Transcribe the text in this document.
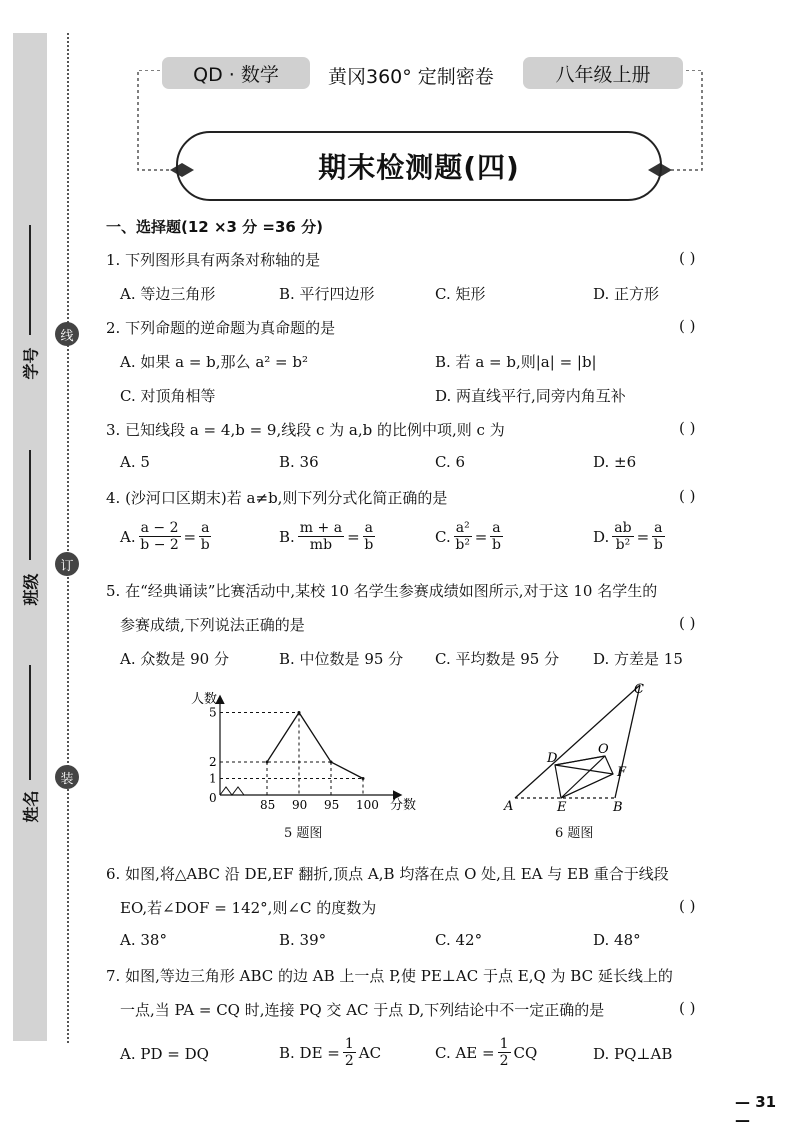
学号
班级
姓名
线
订
装
QD · 数学	黄冈360° 定制密卷	八年级上册
期末检测题(四)
一、选择题(12 ×3 分 =36 分)
1. 下列图形具有两条对称轴的是	( )
A. 等边三角形	B. 平行四边形	C. 矩形	D. 正方形
2. 下列命题的逆命题为真命题的是	( )
A. 如果 a = b,那么 a² = b²	B. 若 a = b,则|a| = |b|
C. 对顶角相等	D. 两直线平行,同旁内角互补
3. 已知线段 a = 4,b = 9,线段 c 为 a,b 的比例中项,则 c 为	( )
A. 5	B. 36	C. 6	D. ±6
4. (沙河口区期末)若 a≠b,则下列分式化简正确的是	( )
A. $\frac{a - 2}{b - 2} = \frac{a}{b}$	B. $\frac{m + a}{mb} = \frac{a}{b}$	C. $\frac{\text{a²}}{\text{b²}} = \frac{a}{b}$	D. $\frac{ab}{\text{b²}} = \frac{a}{b}$
5. 在“经典诵读”比赛活动中,某校 10 名学生参赛成绩如图所示,对于这 10 名学生的
参赛成绩,下列说法正确的是	( )
A. 众数是 90 分	B. 中位数是 95 分 C. 平均数是 95 分 D. 方差是 15
人数
分数
85 90 95 100
0
1
2
5
5 题图
C
D
O
F
A	E	B
6 题图
6. 如图,将△ABC 沿 DE,EF 翻折,顶点 A,B 均落在点 O 处,且 EA 与 EB 重合于线段
EO,若∠DOF = 142°,则∠C 的度数为	( )
A. 38°	B. 39°	C. 42°	D. 48°
7. 如图,等边三角形 ABC 的边 AB 上一点 P,使 PE⊥AC 于点 E,Q 为 BC 延长线上的
一点,当 PA = CQ 时,连接 PQ 交 AC 于点 D,下列结论中不一定正确的是	( )
A. PD = DQ	B. DE = $\frac{1}{2}$ AC	C. AE = $\frac{1}{2}$ CQ	D. PQ⊥AB
— 31 —
